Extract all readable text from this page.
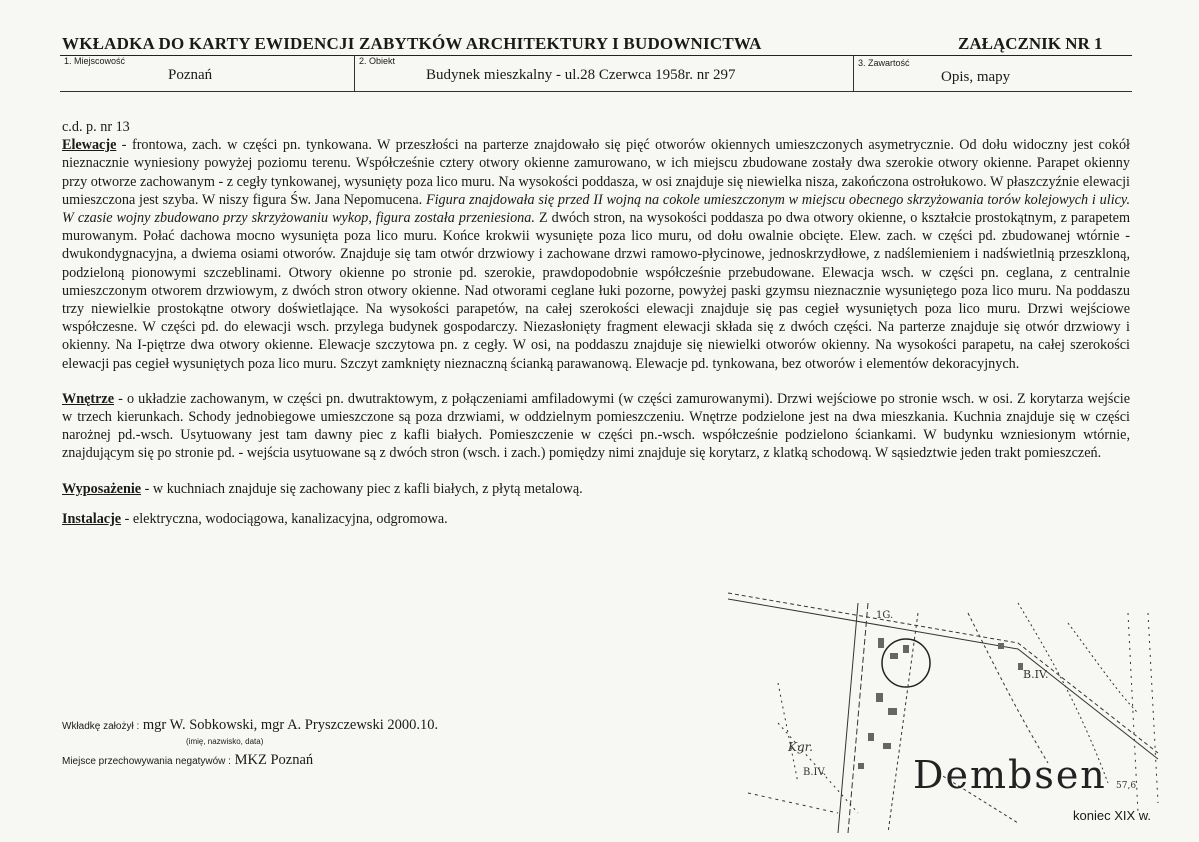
WKŁADKA DO KARTY EWIDENCJI ZABYTKÓW ARCHITEKTURY I BUDOWNICTWA	ZAŁĄCZNIK NR 1
1. Miejscowość
Poznań
2. Obiekt
Budynek mieszkalny - ul.28 Czerwca 1958r. nr 297
3. Zawartość
Opis, mapy

c.d. p. nr 13

Elewacje - frontowa, zach. w części pn. tynkowana. W przeszłości na parterze znajdowało się pięć otworów okiennych umieszczonych asymetrycznie. Od dołu widoczny jest cokół nieznacznie wyniesiony powyżej poziomu terenu. Współcześnie cztery otwory okienne zamurowano, w ich miejscu zbudowane zostały dwa szerokie otwory okienne. Parapet okienny przy otworze zachowanym - z cegły tynkowanej, wysunięty poza lico muru. Na wysokości poddasza, w osi znajduje się niewielka nisza, zakończona ostrołukowo. W płaszczyźnie elewacji umieszczona jest szyba. W niszy figura Św. Jana Nepomucena. Figura znajdowała się przed II wojną na cokole umieszczonym w miejscu obecnego skrzyżowania torów kolejowych i ulicy. W czasie wojny zbudowano przy skrzyżowaniu wykop, figura została przeniesiona. Z dwóch stron, na wysokości poddasza po dwa otwory okienne, o kształcie prostokątnym, z parapetem murowanym. Połać dachowa mocno wysunięta poza lico muru. Końce krokwii wysunięte poza lico muru, od dołu owalnie obcięte. Elew. zach. w części pd. zbudowanej wtórnie - dwukondygnacyjna, a dwiema osiami otworów. Znajduje się tam otwór drzwiowy i zachowane drzwi ramowo-płycinowe, jednoskrzydłowe, z nadślemieniem i nadświetlnią przeszkloną, podzieloną pionowymi szczeblinami. Otwory okienne po stronie pd. szerokie, prawdopodobnie współcześnie przebudowane. Elewacja wsch. w części pn. ceglana, z centralnie umieszczonym otworem drzwiowym, z dwóch stron otwory okienne. Nad otworami ceglane łuki pozorne, powyżej paski gzymsu nieznacznie wysuniętego poza lico muru. Na poddaszu trzy niewielkie prostokątne otwory doświetlające. Na wysokości parapetów, na całej szerokości elewacji znajduje się pas cegieł wysuniętych poza lico muru. Drzwi wejściowe współczesne. W części pd. do elewacji wsch. przylega budynek gospodarczy. Niezasłonięty fragment elewacji składa się z dwóch części. Na parterze znajduje się otwór drzwiowy i okienny. Na I-piętrze dwa otwory okienne. Elewacje szczytowa pn. z cegły. W osi, na poddaszu znajduje się niewielki otworów okienny. Na wysokości parapetu, na całej szerokości elewacji pas cegieł wysuniętych poza lico muru. Szczyt zamknięty nieznaczną ścianką parawanową. Elewacje pd. tynkowana, bez otworów i elementów dekoracyjnych.

Wnętrze - o układzie zachowanym, w części pn. dwutraktowym, z połączeniami amfiladowymi (w części zamurowanymi). Drzwi wejściowe po stronie wsch. w osi. Z korytarza wejście w trzech kierunkach. Schody jednobiegowe umieszczone są poza drzwiami, w oddzielnym pomieszczeniu. Wnętrze podzielone jest na dwa mieszkania. Kuchnia znajduje się w części narożnej pd.-wsch. Usytuowany jest tam dawny piec z kafli białych. Pomieszczenie w części pn.-wsch. współcześnie podzielono ściankami. W budynku wzniesionym wtórnie, znajdującym się po stronie pd. - wejścia usytuowane są z dwóch stron (wsch. i zach.) pomiędzy nimi znajduje się korytarz, z klatką schodową. W sąsiedztwie jeden trakt pomieszczeń.

Wyposażenie - w kuchniach znajduje się zachowany piec z kafli białych, z płytą metalową.

Instalacje - elektryczna, wodociągowa, kanalizacyjna, odgromowa.

Wkładkę założył : mgr W. Sobkowski, mgr A. Pryszczewski 2000.10.
(imię, nazwisko, data)
Miejsce przechowywania negatywów : MKZ Poznań
1G.
B.IV.
Kgr.
B.IV. Dembsen 57,6
koniec XIX w.
